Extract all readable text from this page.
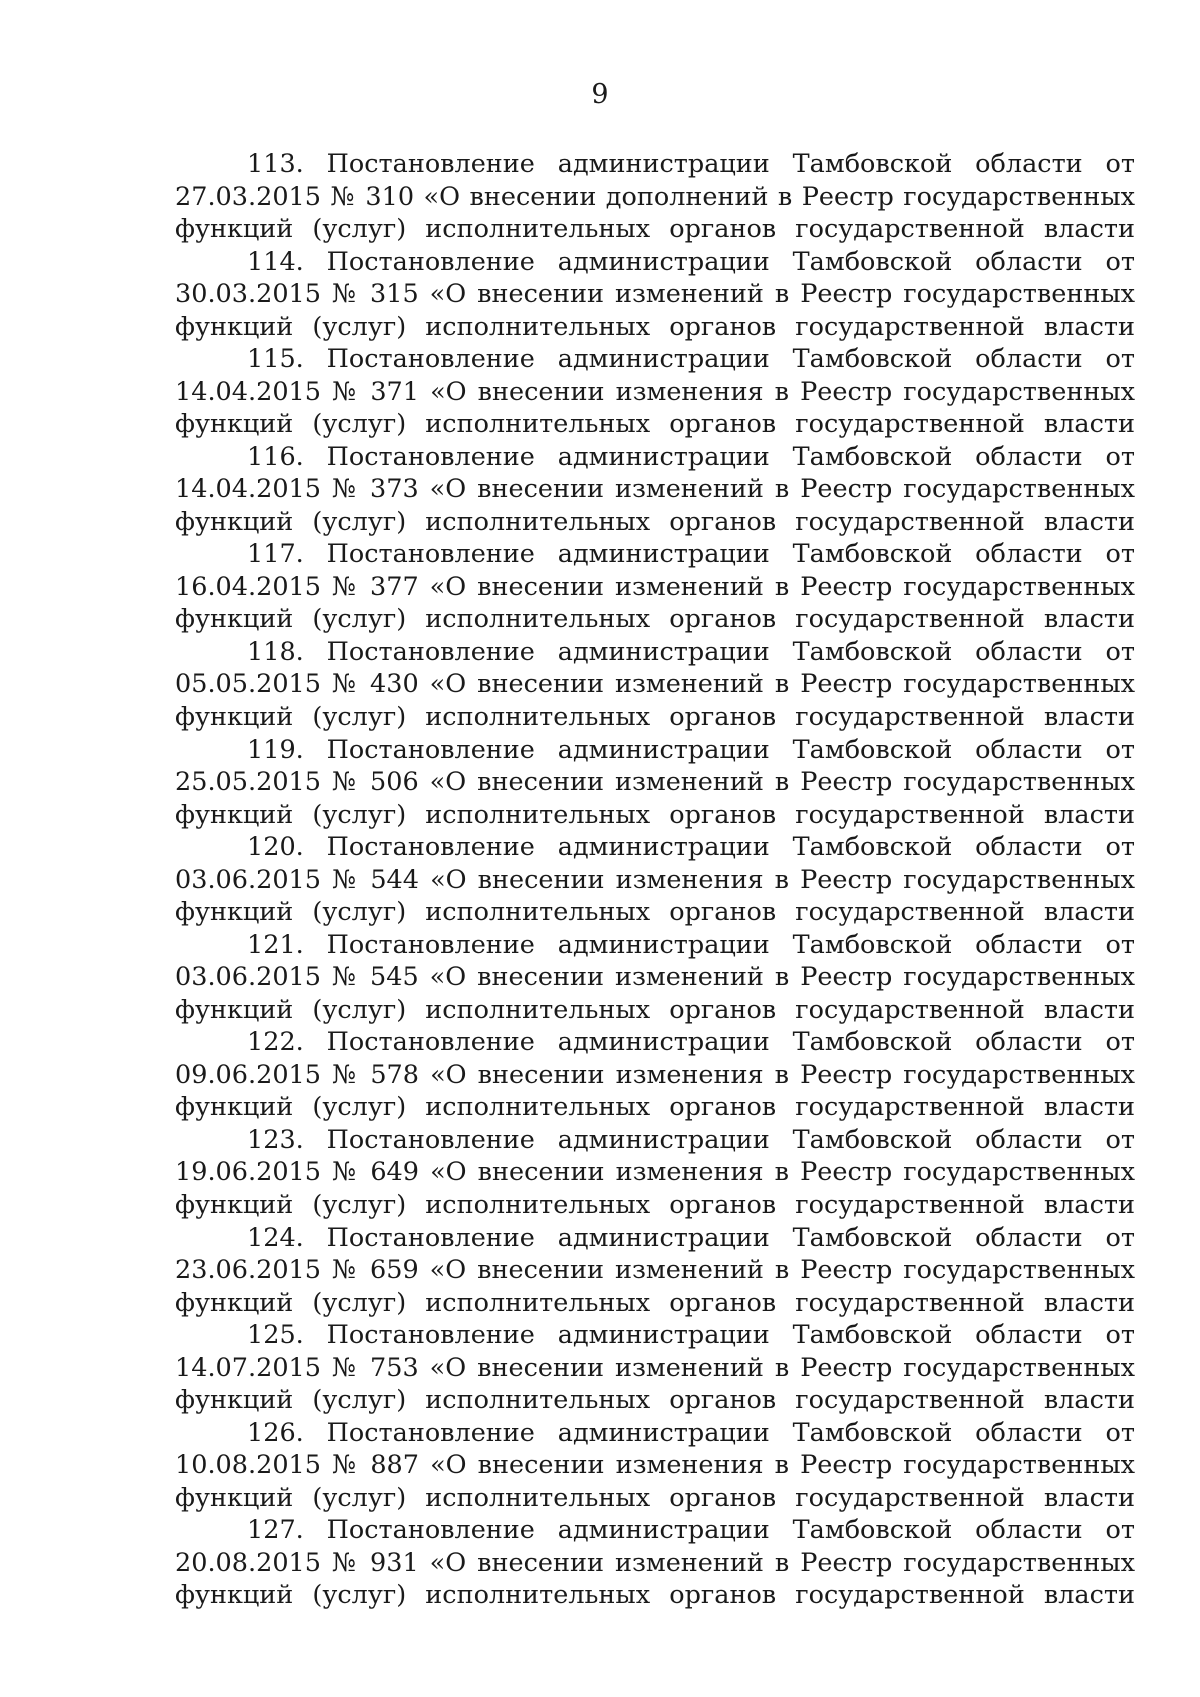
9

113. Постановление администрации Тамбовской области от 27.03.2015 № 310 «О внесении дополнений в Реестр государственных функций (услуг) исполнительных органов государственной власти

114. Постановление администрации Тамбовской области от 30.03.2015 № 315 «О внесении изменений в Реестр государственных функций (услуг) исполнительных органов государственной власти

115. Постановление администрации Тамбовской области от 14.04.2015 № 371 «О внесении изменения в Реестр государственных функций (услуг) исполнительных органов государственной власти

116. Постановление администрации Тамбовской области от 14.04.2015 № 373 «О внесении изменений в Реестр государственных функций (услуг) исполнительных органов государственной власти

117. Постановление администрации Тамбовской области от 16.04.2015 № 377 «О внесении изменений в Реестр государственных функций (услуг) исполнительных органов государственной власти

118. Постановление администрации Тамбовской области от 05.05.2015 № 430 «О внесении изменений в Реестр государственных функций (услуг) исполнительных органов государственной власти

119. Постановление администрации Тамбовской области от 25.05.2015 № 506 «О внесении изменений в Реестр государственных функций (услуг) исполнительных органов государственной власти

120. Постановление администрации Тамбовской области от 03.06.2015 № 544 «О внесении изменения в Реестр государственных функций (услуг) исполнительных органов государственной власти

121. Постановление администрации Тамбовской области от 03.06.2015 № 545 «О внесении изменений в Реестр государственных функций (услуг) исполнительных органов государственной власти

122. Постановление администрации Тамбовской области от 09.06.2015 № 578 «О внесении изменения в Реестр государственных функций (услуг) исполнительных органов государственной власти

123. Постановление администрации Тамбовской области от 19.06.2015 № 649 «О внесении изменения в Реестр государственных функций (услуг) исполнительных органов государственной власти

124. Постановление администрации Тамбовской области от 23.06.2015 № 659 «О внесении изменений в Реестр государственных функций (услуг) исполнительных органов государственной власти

125. Постановление администрации Тамбовской области от 14.07.2015 № 753 «О внесении изменений в Реестр государственных функций (услуг) исполнительных органов государственной власти

126. Постановление администрации Тамбовской области от 10.08.2015 № 887 «О внесении изменения в Реестр государственных функций (услуг) исполнительных органов государственной власти

127. Постановление администрации Тамбовской области от 20.08.2015 № 931 «О внесении изменений в Реестр государственных функций (услуг) исполнительных органов государственной власти
